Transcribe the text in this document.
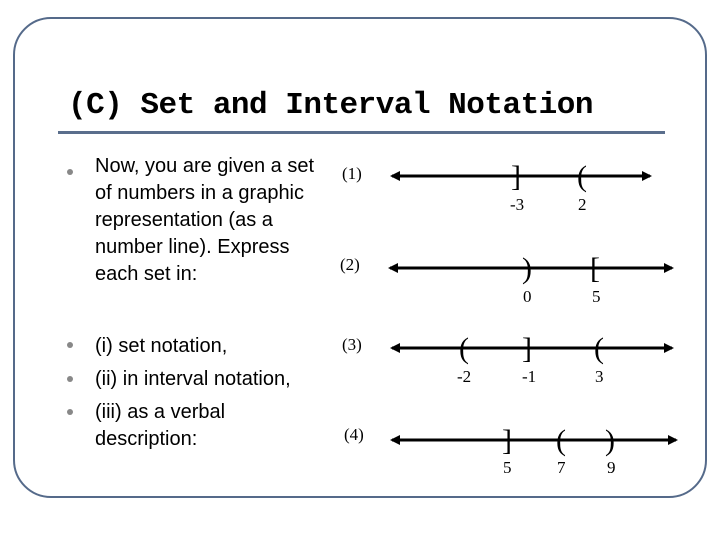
(C) Set and Interval Notation
Now, you are given a set of numbers in a graphic representation (as a number line). Express each set in:
(i) set notation,
(ii) in interval notation,
(iii) as a verbal description:
(1)	] (
-3	2
(2)	) [
0	5
(3)	( ] (
-2	-1	3
(4)	] ( )
5	7 9
